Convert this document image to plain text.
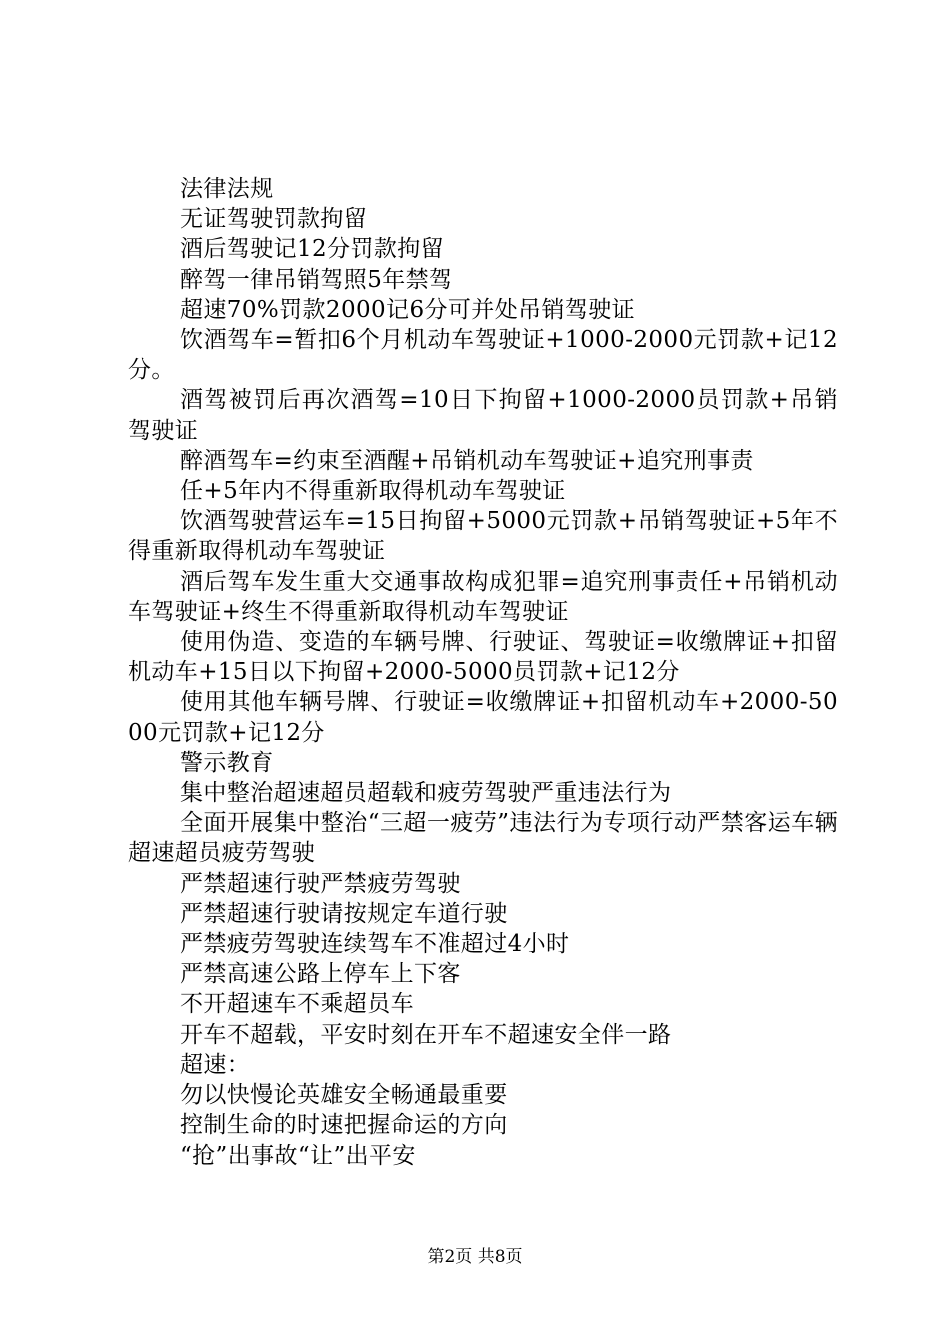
法律法规

无证驾驶罚款拘留

酒后驾驶记12分罚款拘留

醉驾一律吊销驾照5年禁驾

超速70%罚款2000记6分可并处吊销驾驶证

饮酒驾车=暂扣6个月机动车驾驶证+1000-2000元罚款+记12分。

酒驾被罚后再次酒驾=10日下拘留+1000-2000员罚款+吊销驾驶证

醉酒驾车=约束至酒醒+吊销机动车驾驶证+追究刑事责

任+5年内不得重新取得机动车驾驶证

饮酒驾驶营运车=15日拘留+5000元罚款+吊销驾驶证+5年不得重新取得机动车驾驶证

酒后驾车发生重大交通事故构成犯罪=追究刑事责任+吊销机动车驾驶证+终生不得重新取得机动车驾驶证

使用伪造、变造的车辆号牌、行驶证、驾驶证=收缴牌证+扣留机动车+15日以下拘留+2000-5000员罚款+记12分

使用其他车辆号牌、行驶证=收缴牌证+扣留机动车+2000-5000元罚款+记12分

警示教育

集中整治超速超员超载和疲劳驾驶严重违法行为

全面开展集中整治“三超一疲劳”违法行为专项行动严禁客运车辆超速超员疲劳驾驶

严禁超速行驶严禁疲劳驾驶

严禁超速行驶请按规定车道行驶

严禁疲劳驾驶连续驾车不准超过4小时

严禁高速公路上停车上下客

不开超速车不乘超员车

开车不超载，平安时刻在开车不超速安全伴一路

超速：

勿以快慢论英雄安全畅通最重要

控制生命的时速把握命运的方向

“抢”出事故“让”出平安

第2页 共8页
